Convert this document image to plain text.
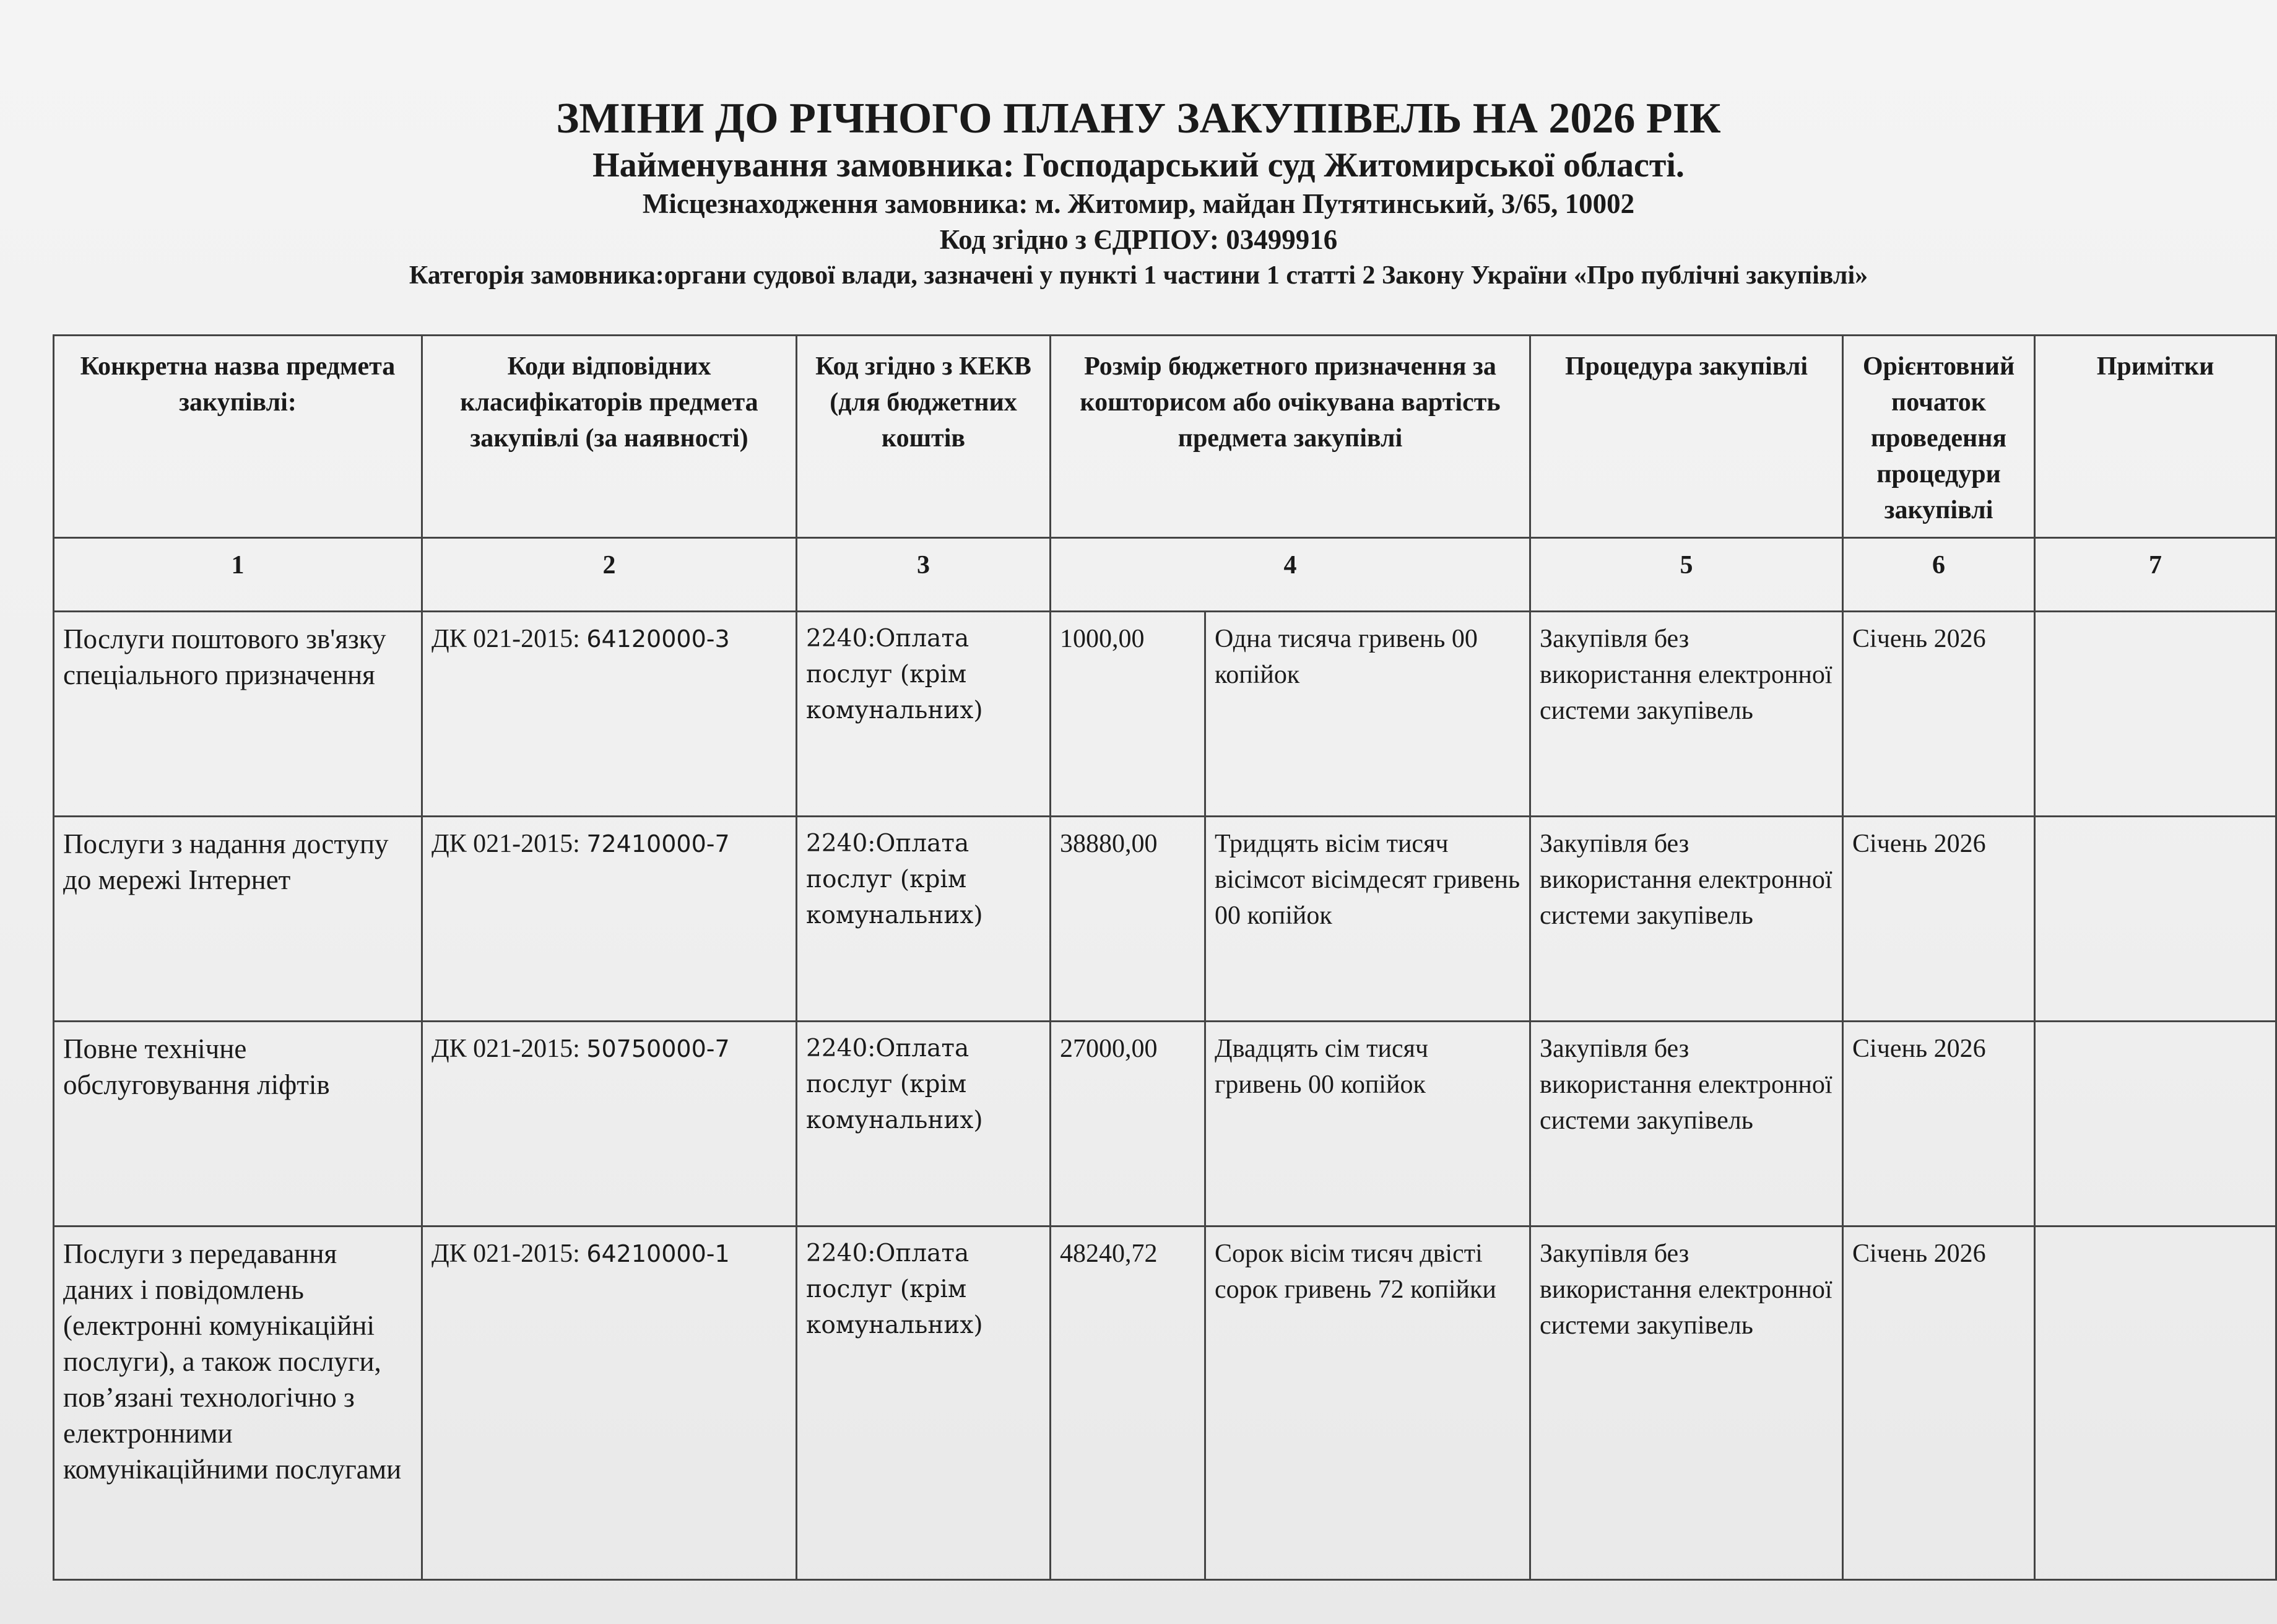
ЗМІНИ ДО РІЧНОГО ПЛАНУ ЗАКУПІВЕЛЬ НА 2026 РІК

Найменування замовника: Господарський суд Житомирської області.

Місцезнаходження замовника: м. Житомир, майдан Путятинський, 3/65, 10002

Код згідно з ЄДРПОУ: 03499916

Категорія замовника:органи судової влади, зазначені у пункті 1 частини 1 статті 2 Закону України «Про публічні закупівлі»

Конкретна назва предмета закупівлі:	Коди відповідних класифікаторів предмета закупівлі (за наявності)	Код згідно з КЕКВ (для бюджетних коштів	Розмір бюджетного призначення за кошторисом або очікувана вартість предмета закупівлі		Процедура закупівлі	Орієнтовний початок проведення процедури закупівлі	Примітки
1	2	3	4		5	6	7
Послуги поштового зв'язку спеціального призначення	ДК 021-2015: 64120000-3	2240:Оплата послуг (крім комунальних)	1000,00	Одна тисяча гривень 00 копійок	Закупівля без використання електронної системи закупівель	Січень 2026	
Послуги з надання доступу до мережі Інтернет	ДК 021-2015: 72410000-7	2240:Оплата послуг (крім комунальних)	38880,00	Тридцять вісім тисяч вісімсот вісімдесят гривень 00 копійок	Закупівля без використання електронної системи закупівель	Січень 2026	
Повне технічне обслуговування ліфтів	ДК 021-2015: 50750000-7	2240:Оплата послуг (крім комунальних)	27000,00	Двадцять сім тисяч гривень 00 копійок	Закупівля без використання електронної системи закупівель	Січень 2026	
Послуги з передавання даних і повідомлень (електронні комунікаційні послуги), а також послуги, пов’язані технологічно з електронними комунікаційними послугами	ДК 021-2015: 64210000-1	2240:Оплата послуг (крім комунальних)	48240,72	Сорок вісім тисяч двісті сорок гривень 72 копійки	Закупівля без використання електронної системи закупівель	Січень 2026	
